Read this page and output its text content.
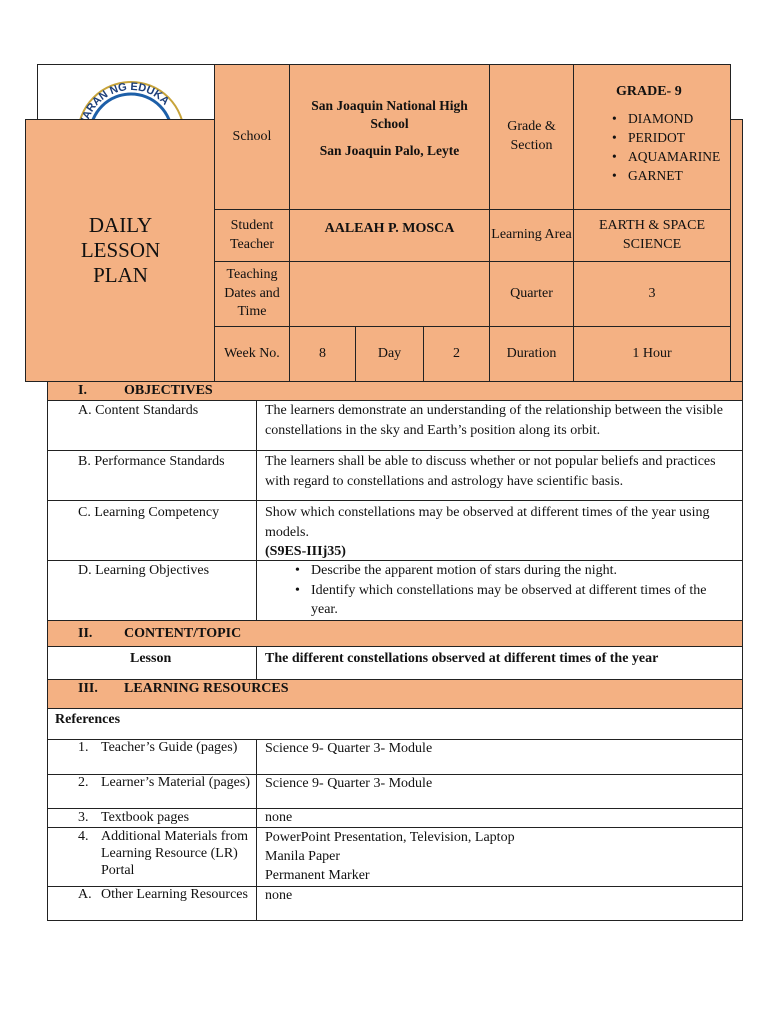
ARAN NG EDUKA
DAILY
LESSON
PLAN
School
San Joaquin National High School
San Joaquin Palo, Leyte
Grade & Section
GRADE- 9
• DIAMOND
• PERIDOT
• AQUAMARINE
• GARNET
Student Teacher
AALEAH P. MOSCA	Learning Area
EARTH & SPACE SCIENCE
Teaching Dates and Time
Quarter	3
Week No.	8	Day	2	Duration	1 Hour
I.	OBJECTIVES
A. Content Standards	The learners demonstrate an understanding of the relationship between the visible constellations in the sky and Earth’s position along its orbit.
B. Performance Standards	The learners shall be able to discuss whether or not popular beliefs and practices with regard to constellations and astrology have scientific basis.
C. Learning Competency	Show which constellations may be observed at different times of the year using models.
(S9ES-IIIj35)
D. Learning Objectives
•	Describe the apparent motion of stars during the night.
• Identify which constellations may be observed at different times of the year.
II.	CONTENT/TOPIC
Lesson	The different constellations observed at different times of the year
III.	LEARNING RESOURCES
References
1. Teacher’s Guide (pages)	Science 9- Quarter 3- Module
2. Learner’s Material (pages)	Science 9- Quarter 3- Module
3. Textbook pages	none
4. Additional Materials from Learning Resource (LR) Portal
PowerPoint Presentation, Television, Laptop
Manila Paper
Permanent Marker
A. Other Learning Resources	none
